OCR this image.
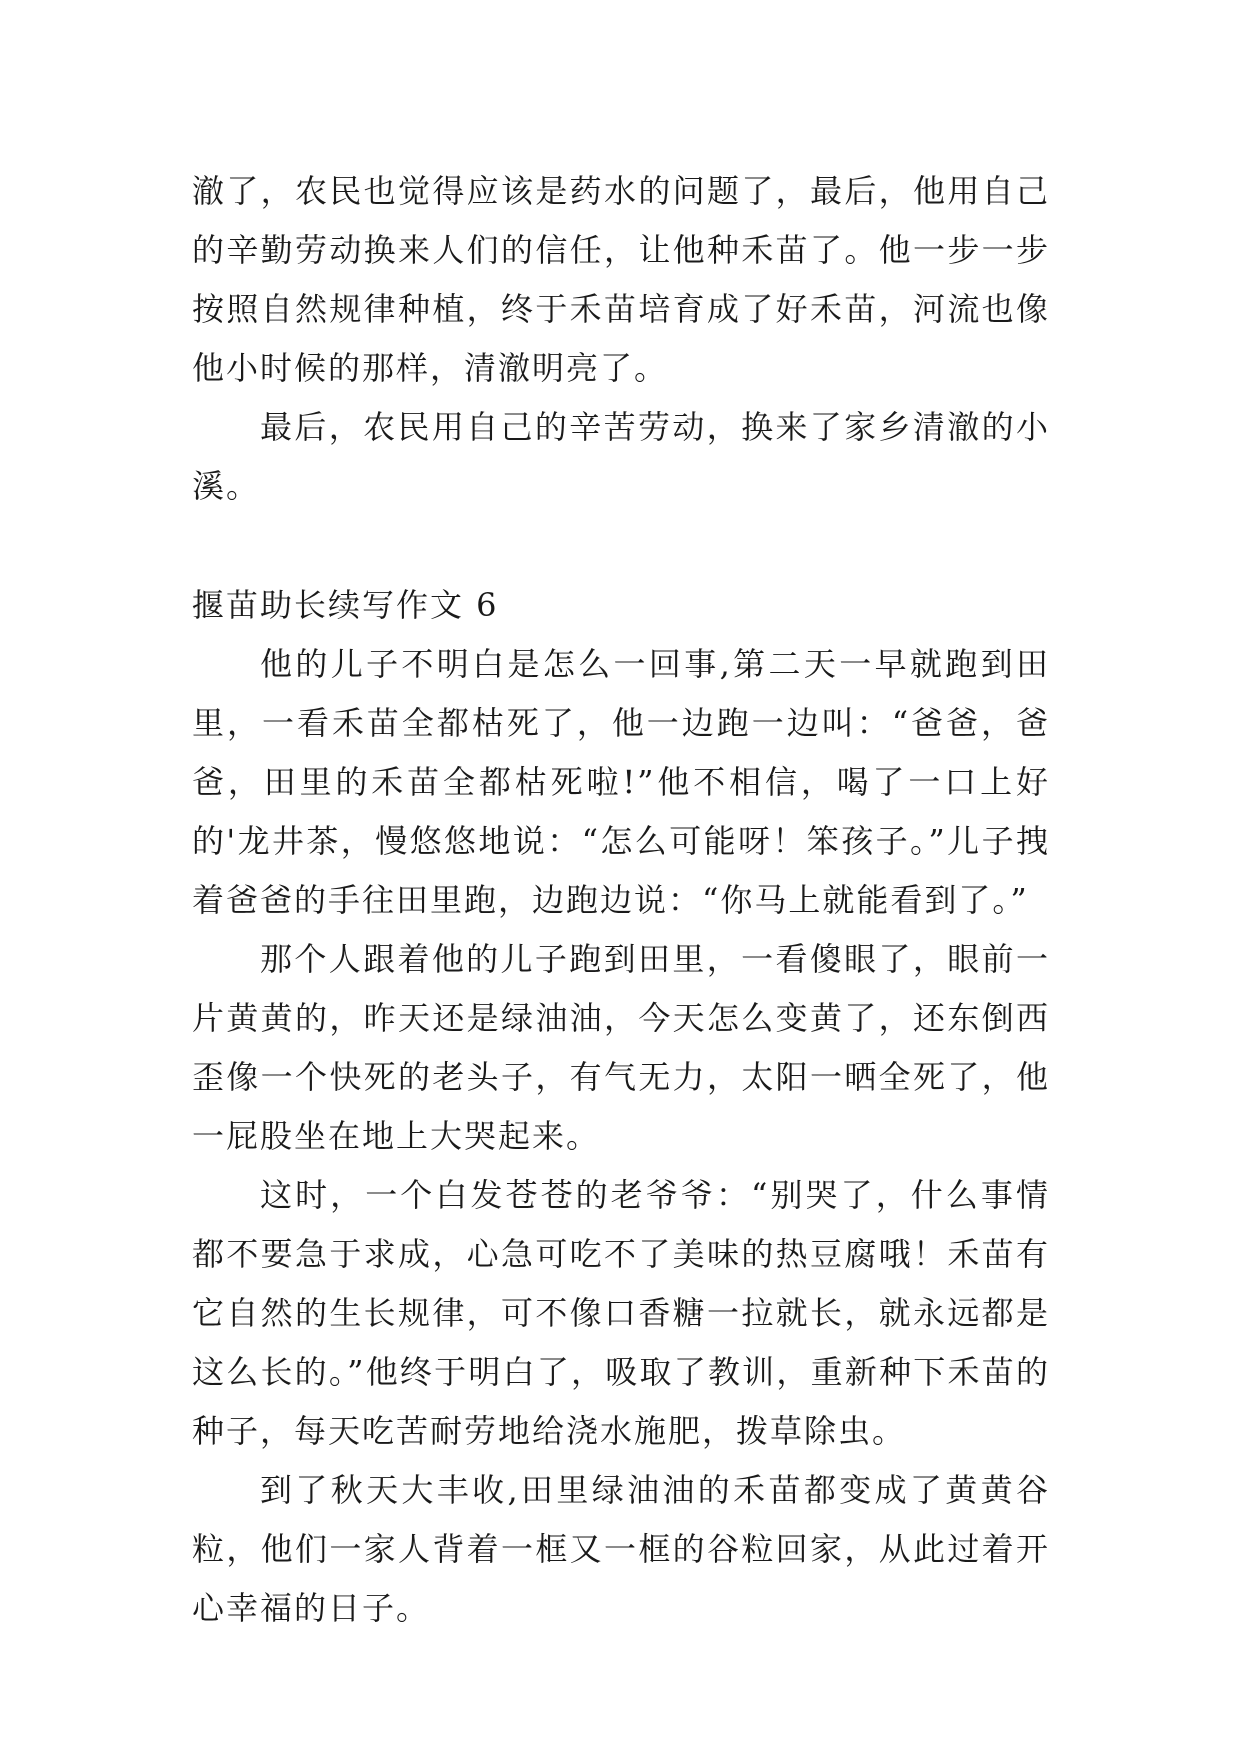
澈了，农民也觉得应该是药水的问题了，最后，他用自己的辛勤劳动换来人们的信任，让他种禾苗了。他一步一步按照自然规律种植，终于禾苗培育成了好禾苗，河流也像他小时候的那样，清澈明亮了。

最后，农民用自己的辛苦劳动，换来了家乡清澈的小溪。

揠苗助长续写作文 6

他的儿子不明白是怎么一回事,第二天一早就跑到田里，一看禾苗全都枯死了，他一边跑一边叫：“爸爸，爸爸，田里的禾苗全都枯死啦!”他不相信，喝了一口上好的'龙井茶，慢悠悠地说：“怎么可能呀！笨孩子。”儿子拽着爸爸的手往田里跑，边跑边说：“你马上就能看到了。”

那个人跟着他的儿子跑到田里，一看傻眼了，眼前一片黄黄的，昨天还是绿油油，今天怎么变黄了，还东倒西歪像一个快死的老头子，有气无力，太阳一晒全死了，他一屁股坐在地上大哭起来。

这时，一个白发苍苍的老爷爷：“别哭了，什么事情都不要急于求成，心急可吃不了美味的热豆腐哦！禾苗有它自然的生长规律，可不像口香糖一拉就长，就永远都是这么长的。”他终于明白了，吸取了教训，重新种下禾苗的种子，每天吃苦耐劳地给浇水施肥，拨草除虫。

到了秋天大丰收,田里绿油油的禾苗都变成了黄黄谷粒，他们一家人背着一框又一框的谷粒回家，从此过着开心幸福的日子。
